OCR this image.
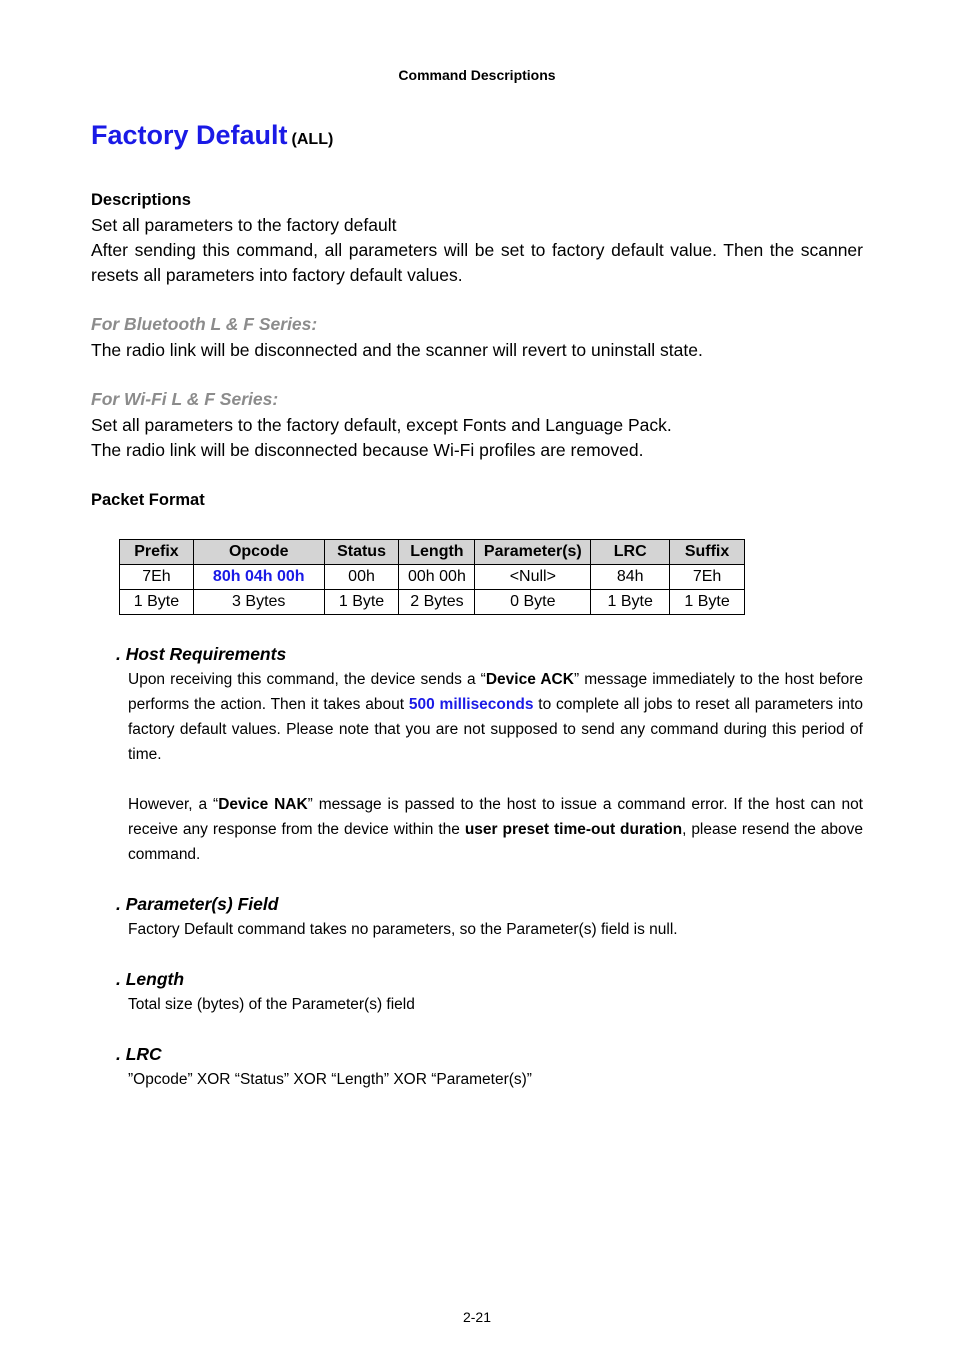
Command Descriptions
Factory Default (ALL)
Descriptions
Set all parameters to the factory default
After sending this command, all parameters will be set to factory default value. Then the scanner resets all parameters into factory default values.
For Bluetooth L & F Series:
The radio link will be disconnected and the scanner will revert to uninstall state.
For Wi-Fi L & F Series:
Set all parameters to the factory default, except Fonts and Language Pack.
The radio link will be disconnected because Wi-Fi profiles are removed.
Packet Format
Prefix	Opcode	Status	Length	Parameter(s)	LRC	Suffix
7Eh	80h 04h 00h	00h	00h 00h	<Null>	84h	7Eh
1 Byte	3 Bytes	1 Byte	2 Bytes	0 Byte	1 Byte	1 Byte
. Host Requirements
Upon receiving this command, the device sends a “Device ACK” message immediately to the host before performs the action. Then it takes about 500 milliseconds to complete all jobs to reset all parameters into factory default values. Please note that you are not supposed to send any command during this period of time.
However, a “Device NAK” message is passed to the host to issue a command error. If the host can not receive any response from the device within the user preset time-out duration, please resend the above command.
. Parameter(s) Field
Factory Default command takes no parameters, so the Parameter(s) field is null.
. Length
Total size (bytes) of the Parameter(s) field
. LRC
”Opcode” XOR “Status” XOR “Length” XOR “Parameter(s)”
2-21
